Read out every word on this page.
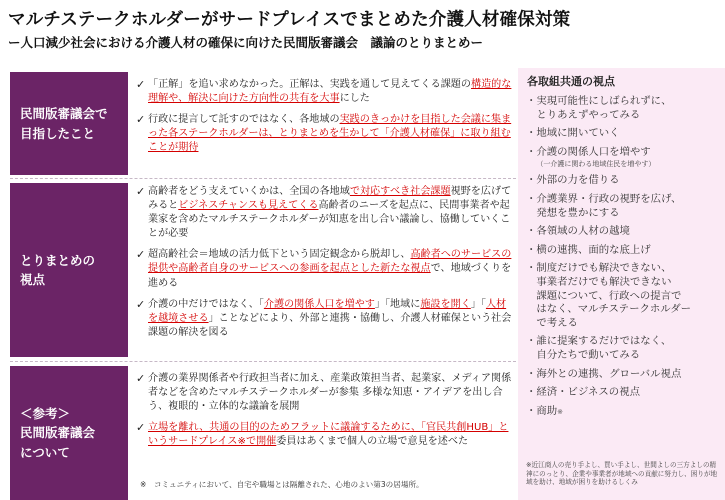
マルチステークホルダーがサードプレイスでまとめた介護人材確保対策
ー人口減少社会における介護人材の確保に向けた民間版審議会　議論のとりまとめー
民間版審議会で
目指したこと
とりまとめの
視点
＜参考＞
民間版審議会
について
✓ 「正解」を追い求めなかった。正解は、実践を通して見えてくる課題の構造的な理解や、解決に向けた方向性の共有を大事にした
✓ 行政に提言して託すのではなく、各地域の実践のきっかけを目指した会議に集まった各ステークホルダーは、とりまとめを生かして「介護人材確保」に取り組むことが期待
✓ 高齢者をどう支えていくかは、全国の各地域で対応すべき社会課題視野を広げてみるとビジネスチャンスも見えてくる高齢者のニーズを起点に、民間事業者や起業家を含めたマルチステークホルダーが知恵を出し合い議論し、協働していくことが必要
✓ 超高齢社会＝地域の活力低下という固定観念から脱却し、高齢者へのサービスの提供や高齢者自身のサービスへの参画を起点とした新たな視点で、地域づくりを進める
✓ 介護の中だけではなく、「介護の関係人口を増やす」「地域に施設を開く」「人材を越境させる」ことなどにより、外部と連携・協働し、介護人材確保という社会課題の解決を図る
✓ 介護の業界関係者や行政担当者に加え、産業政策担当者、起業家、メディア関係者などを含めたマルチステークホルダーが参集 多様な知恵・アイデアを出し合う、複眼的・立体的な議論を展開
✓ 立場を離れ、共通の目的のためフラットに議論するために、「官民共創HUB」というサードプレイス※で開催委員はあくまで個人の立場で意見を述べた
※　コミュニティにおいて、自宅や職場とは隔離された、心地のよい第3の居場所。
各取組共通の視点
・ 実現可能性にしばられずに、
とりあえずやってみる
・ 地域に開いていく
・ 介護の関係人口を増やす
（一介護に関わる地域住民を増やす）
・ 外部の力を借りる
・ 介護業界・行政の視野を広げ、
発想を豊かにする
・ 各領域の人材の越境
・ 横の連携、面的な底上げ
・ 制度だけでも解決できない、
事業者だけでも解決できない
課題について、行政への提言で
はなく、マルチステークホルダー
で考える
・ 誰に提案するだけではなく、
自分たちで動いてみる
・ 海外との連携、グローバル視点
・ 経済・ビジネスの視点
・ 商助※
※近江商人の売り手よし、買い手よし、世間よしの三方よしの精神にのっとり、企業や事業者が地域への貢献に努力し、困りが地域を助け、地域が困りを助けるしくみ
